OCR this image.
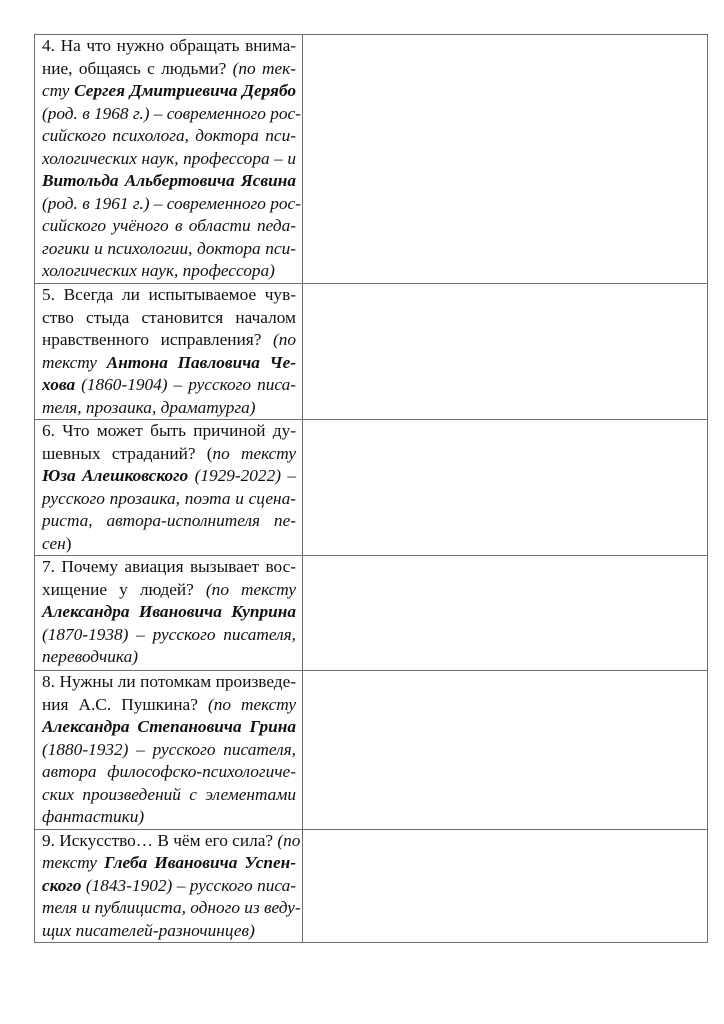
4. На что нужно обращать внима-
ние, общаясь с людьми? (по тек-
сту Сергея Дмитриевича Дерябо
(род. в 1968 г.) – современного рос-
сийского психолога, доктора пси-
хологических наук, профессора – и
Витольда Альбертовича Ясвина
(род. в 1961 г.) – современного рос-
сийского учёного в области педа-
гогики и психологии, доктора пси-
хологических наук, профессора)

5. Всегда ли испытываемое чув-
ство стыда становится началом
нравственного исправления? (по
тексту Антона Павловича Че-
хова (1860-1904) – русского писа-
теля, прозаика, драматурга)

6. Что может быть причиной ду-
шевных страданий? (по тексту
Юза Алешковского (1929-2022) –
русского прозаика, поэта и сцена-
риста, автора-исполнителя пе-
сен)

7. Почему авиация вызывает вос-
хищение у людей? (по тексту
Александра Ивановича Куприна
(1870-1938) – русского писателя,
переводчика)	

8. Нужны ли потомкам произведе-
ния А.С. Пушкина? (по тексту
Александра Степановича Грина
(1880-1932) – русского писателя,
автора философско-психологиче-
ских произведений с элементами
фантастики)

9. Искусство… В чём его сила? (по
тексту Глеба Ивановича Успен-
ского (1843-1902) – русского писа-
теля и публициста, одного из веду-
щих писателей-разночинцев)	
